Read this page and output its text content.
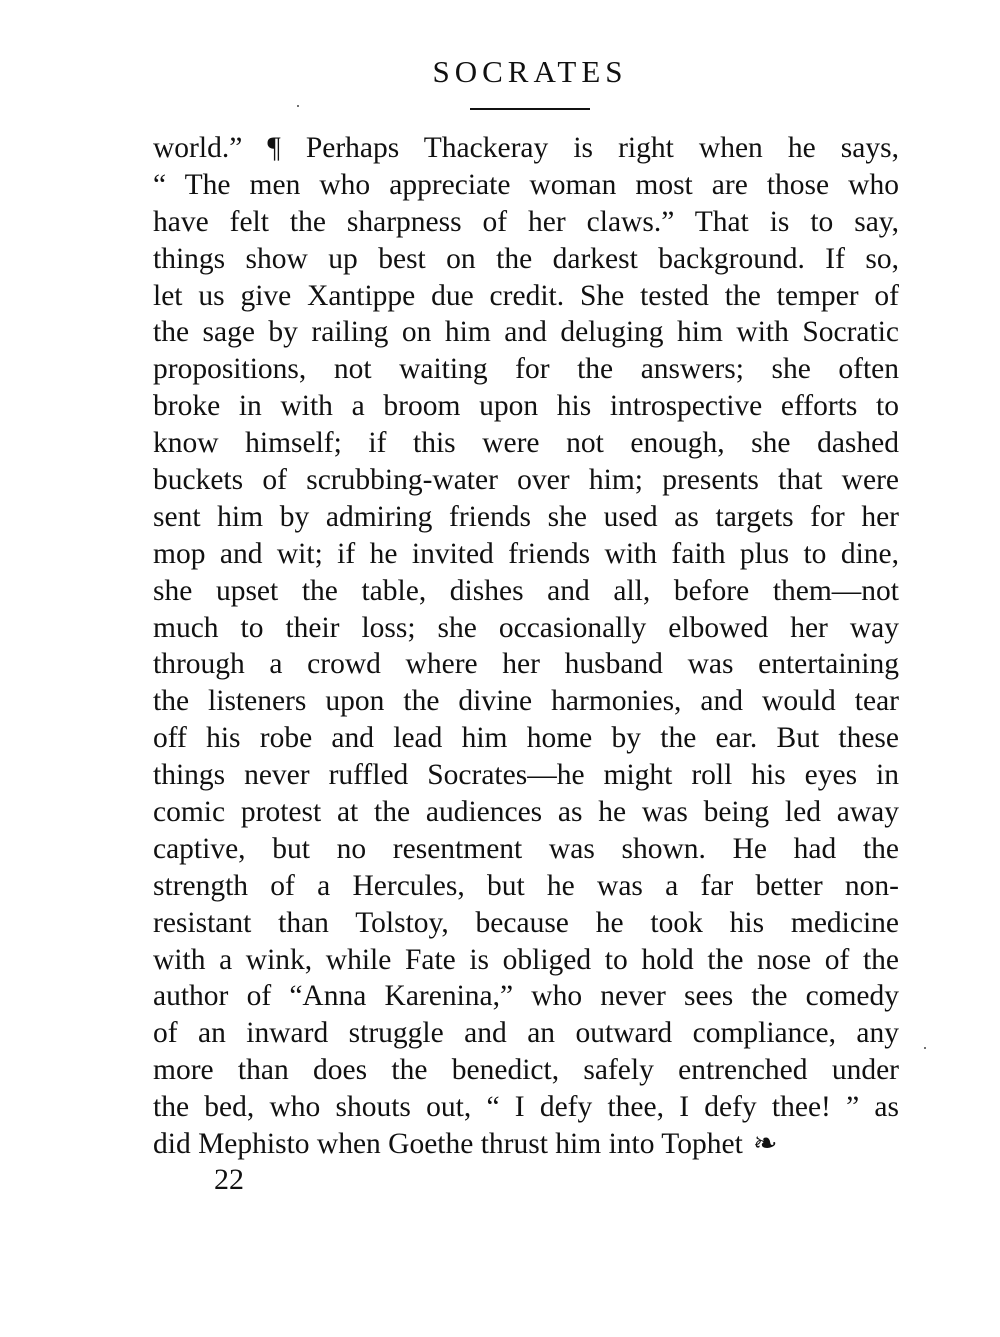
SOCRATES
world.” ¶ Perhaps Thackeray is right when he says,
“ The men who appreciate woman most are those who
have felt the sharpness of her claws.” That is to say,
things show up best on the darkest background. If so,
let us give Xantippe due credit. She tested the temper of
the sage by railing on him and deluging him with Socratic
propositions, not waiting for the answers; she often
broke in with a broom upon his introspective efforts to
know himself; if this were not enough, she dashed
buckets of scrubbing-water over him; presents that were
sent him by admiring friends she used as targets for her
mop and wit; if he invited friends with faith plus to dine,
she upset the table, dishes and all, before them—not
much to their loss; she occasionally elbowed her way
through a crowd where her husband was entertaining
the listeners upon the divine harmonies, and would tear
off his robe and lead him home by the ear. But these
things never ruffled Socrates—he might roll his eyes in
comic protest at the audiences as he was being led away
captive, but no resentment was shown. He had the
strength of a Hercules, but he was a far better non-
resistant than Tolstoy, because he took his medicine
with a wink, while Fate is obliged to hold the nose of the
author of “Anna Karenina,” who never sees the comedy
of an inward struggle and an outward compliance, any
more than does the benedict, safely entrenched under
the bed, who shouts out, “ I defy thee, I defy thee! ” as
did Mephisto when Goethe thrust him into Tophet ❧
22
